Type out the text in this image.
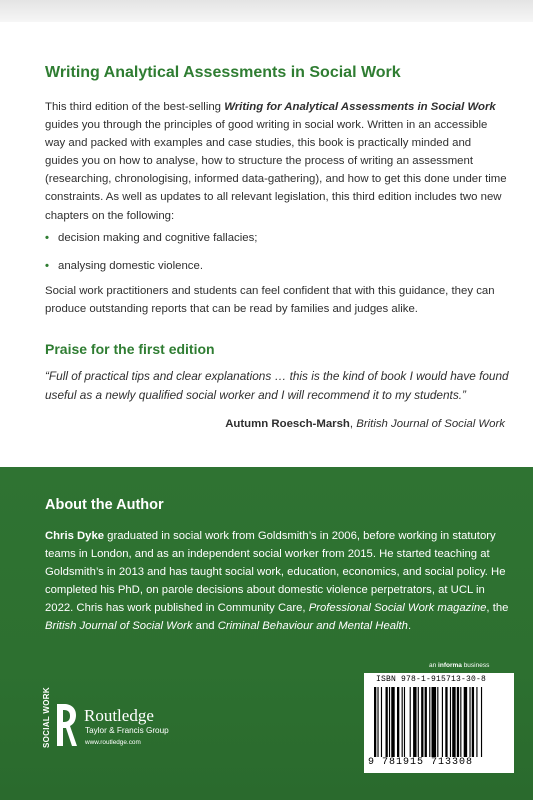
Writing Analytical Assessments in Social Work

This third edition of the best-selling Writing for Analytical Assessments in Social Work guides you through the principles of good writing in social work. Written in an accessible way and packed with examples and case studies, this book is practically minded and guides you on how to analyse, how to structure the process of writing an assessment (researching, chronologising, informed data-gathering), and how to get this done under time constraints. As well as updates to all relevant legislation, this third edition includes two new chapters on the following:

• decision making and cognitive fallacies;
• analysing domestic violence.

Social work practitioners and students can feel confident that with this guidance, they can produce outstanding reports that can be read by families and judges alike.

Praise for the first edition

“Full of practical tips and clear explanations … this is the kind of book I would have found useful as a newly qualified social worker and I will recommend it to my students.”

Autumn Roesch-Marsh, British Journal of Social Work

About the Author

Chris Dyke graduated in social work from Goldsmith’s in 2006, before working in statutory teams in London, and as an independent social worker from 2015. He started teaching at Goldsmith’s in 2013 and has taught social work, education, economics, and social policy. He completed his PhD, on parole decisions about domestic violence perpetrators, at UCL in 2022. Chris has work published in Community Care, Professional Social Work magazine, the British Journal of Social Work and Criminal Behaviour and Mental Health.

SOCIAL WORK Routledge
Taylor & Francis Group
www.routledge.com
an informa business
ISBN 978-1-915713-30-8
9 781915 713308
